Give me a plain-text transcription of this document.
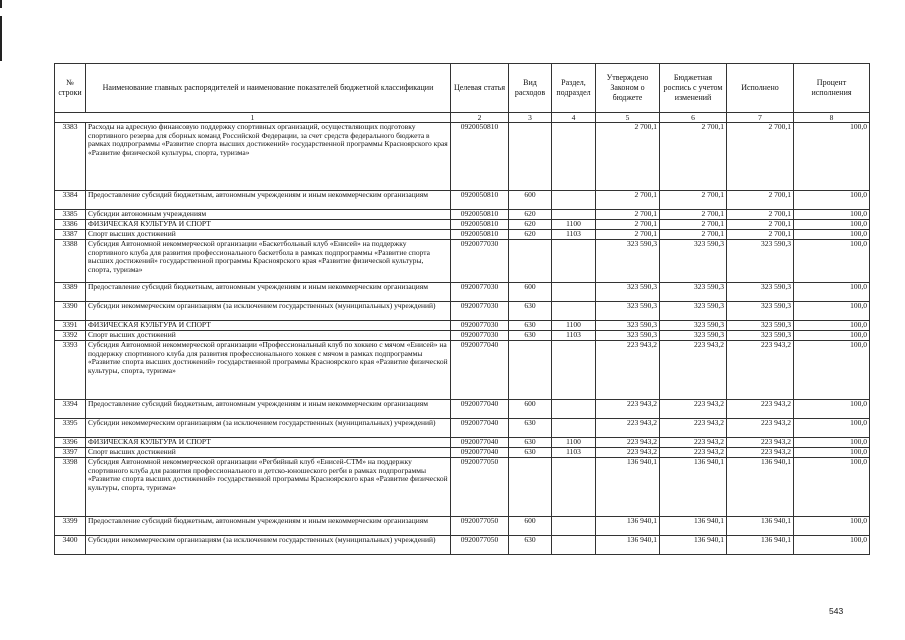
№ строки	Наименование главных распорядителей и наименование показателей бюджетной классификации	Целевая статья	Вид расходов	Раздел, подраздел	Утверждено Законом о бюджете	Бюджетная роспись с учетом изменений	Исполнено	Процент исполнения
1		2	3	4	5	6	7	8
3383	Расходы на адресную финансовую поддержку спортивных организаций, осуществляющих подготовку спортивного резерва для сборных команд Российской Федерации, за счет средств федерального бюджета в рамках подпрограммы «Развитие спорта высших достижений» государственной программы Красноярского края «Развитие физической культуры, спорта, туризма»	0920050810			2 700,1	2 700,1	2 700,1	100,0
3384	Предоставление субсидий бюджетным, автономным учреждениям и иным некоммерческим организациям	0920050810	600		2 700,1	2 700,1	2 700,1	100,0
3385	Субсидии автономным учреждениям	0920050810	620		2 700,1	2 700,1	2 700,1	100,0
3386	ФИЗИЧЕСКАЯ КУЛЬТУРА И СПОРТ	0920050810	620	1100	2 700,1	2 700,1	2 700,1	100,0
3387	Спорт высших достижений	0920050810	620	1103	2 700,1	2 700,1	2 700,1	100,0
3388	Субсидия Автономной некоммерческой организации «Баскетбольный клуб «Енисей» на поддержку спортивного клуба для развития профессионального баскетбола в рамках подпрограммы «Развитие спорта высших достижений» государственной программы Красноярского края «Развитие физической культуры, спорта, туризма»	0920077030			323 590,3	323 590,3	323 590,3	100,0
3389	Предоставление субсидий бюджетным, автономным учреждениям и иным некоммерческим организациям	0920077030	600		323 590,3	323 590,3	323 590,3	100,0
3390	Субсидии некоммерческим организациям (за исключением государственных (муниципальных) учреждений)	0920077030	630		323 590,3	323 590,3	323 590,3	100,0
3391	ФИЗИЧЕСКАЯ КУЛЬТУРА И СПОРТ	0920077030	630	1100	323 590,3	323 590,3	323 590,3	100,0
3392	Спорт высших достижений	0920077030	630	1103	323 590,3	323 590,3	323 590,3	100,0
3393	Субсидия Автономной некоммерческой организации «Профессиональный клуб по хоккею с мячом «Енисей» на поддержку спортивного клуба для развития профессионального хоккея с мячом в рамках подпрограммы «Развитие спорта высших достижений» государственной программы Красноярского края «Развитие физической культуры, спорта, туризма»	0920077040			223 943,2	223 943,2	223 943,2	100,0
3394	Предоставление субсидий бюджетным, автономным учреждениям и иным некоммерческим организациям	0920077040	600		223 943,2	223 943,2	223 943,2	100,0
3395	Субсидии некоммерческим организациям (за исключением государственных (муниципальных) учреждений)	0920077040	630		223 943,2	223 943,2	223 943,2	100,0
3396	ФИЗИЧЕСКАЯ КУЛЬТУРА И СПОРТ	0920077040	630	1100	223 943,2	223 943,2	223 943,2	100,0
3397	Спорт высших достижений	0920077040	630	1103	223 943,2	223 943,2	223 943,2	100,0
3398	Субсидия Автономной некоммерческой организации «Регбийный клуб «Енисей-СТМ» на поддержку спортивного клуба для развития профессионального и детско-юношеского регби в рамках подпрограммы «Развитие спорта высших достижений» государственной программы Красноярского края «Развитие физической культуры, спорта, туризма»	0920077050			136 940,1	136 940,1	136 940,1	100,0
3399	Предоставление субсидий бюджетным, автономным учреждениям и иным некоммерческим организациям	0920077050	600		136 940,1	136 940,1	136 940,1	100,0
3400	Субсидии некоммерческим организациям (за исключением государственных (муниципальных) учреждений)	0920077050	630		136 940,1	136 940,1	136 940,1	100,0
543
